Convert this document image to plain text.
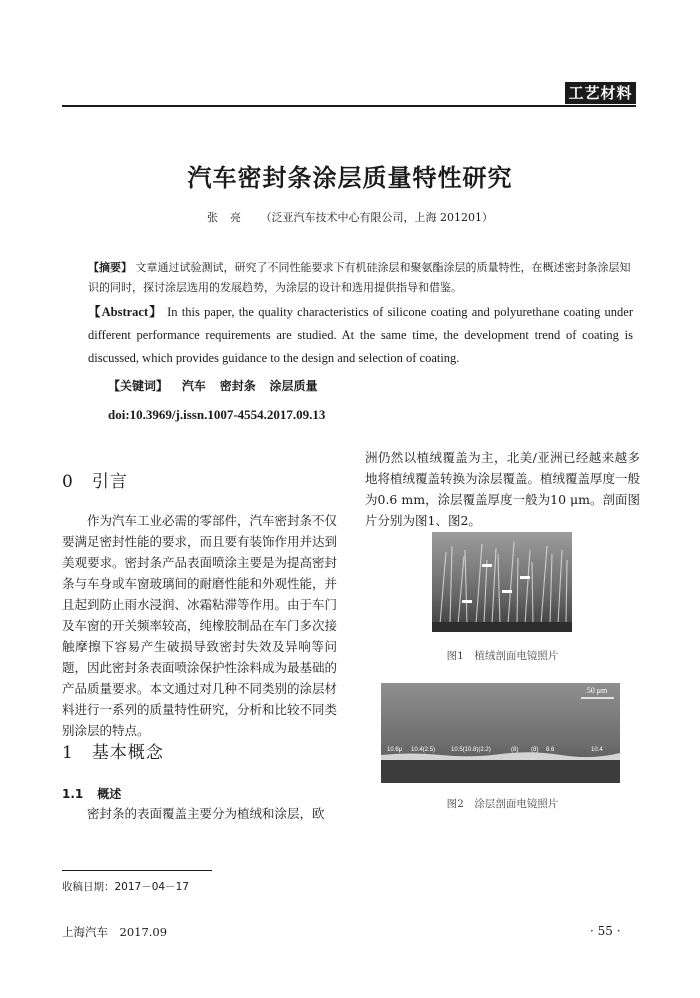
工艺材料
汽车密封条涂层质量特性研究
张亮 （泛亚汽车技术中心有限公司，上海 201201）
【摘要】 文章通过试验测试，研究了不同性能要求下有机硅涂层和聚氨酯涂层的质量特性，在概述密封条涂层知识的同时，探讨涂层选用的发展趋势，为涂层的设计和选用提供指导和借鉴。
【Abstract】 In this paper, the quality characteristics of silicone coating and polyurethane coating under different performance requirements are studied. At the same time, the development trend of coating is discussed, which provides guidance to the design and selection of coating.
【关键词】 汽车 密封条 涂层质量
doi:10.3969/j.issn.1007-4554.2017.09.13
0 引言
作为汽车工业必需的零部件，汽车密封条不仅要满足密封性能的要求，而且要有装饰作用并达到美观要求。密封条产品表面喷涂主要是为提高密封条与车身或车窗玻璃间的耐磨性能和外观性能，并且起到防止雨水浸润、冰霜粘滞等作用。由于车门及车窗的开关频率较高，纯橡胶制品在车门多次接触摩擦下容易产生破损导致密封失效及异响等问题，因此密封条表面喷涂保护性涂料成为最基础的产品质量要求。本文通过对几种不同类别的涂层材料进行一系列的质量特性研究，分析和比较不同类别涂层的特点。
1 基本概念
1.1 概述
密封条的表面覆盖主要分为植绒和涂层，欧
洲仍然以植绒覆盖为主，北美/亚洲已经越来越多地将植绒覆盖转换为涂层覆盖。植绒覆盖厚度一般为0.6 mm，涂层覆盖厚度一般为10 μm。剖面图片分别为图1、图2。
图1　植绒剖面电镜照片
50 μm
10.6μ 10.4(2.5)	10.5(10.8)(2.2)	(8) (8) 8.6	10.4
图2　涂层剖面电镜照片
收稿日期：2017－04－17
上海汽车　2017.09	· 55 ·
